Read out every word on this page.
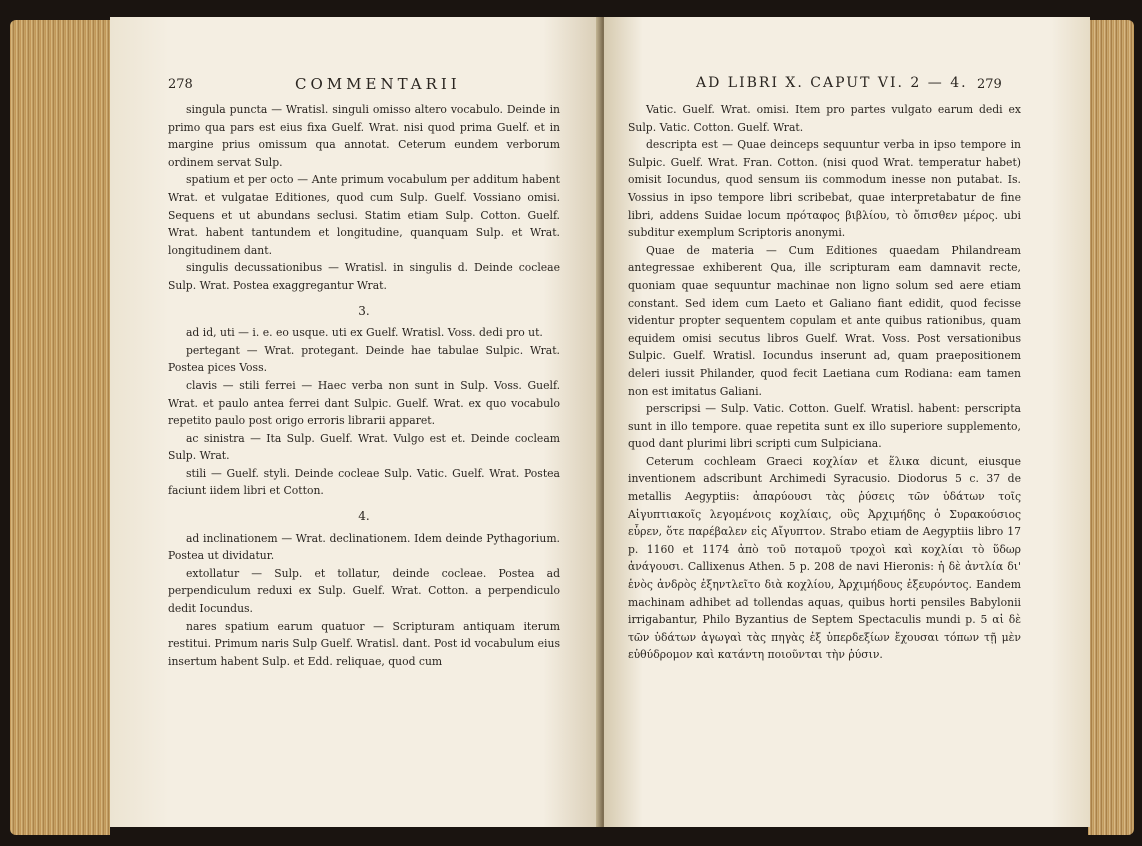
278	COMMENTARII

singula puncta — Wratisl. singuli omisso altero vocabulo. Deinde in primo qua pars est eius fixa Guelf. Wrat. nisi quod prima Guelf. et in margine prius omissum qua annotat. Ceterum eundem verborum ordinem servat Sulp.

spatium et per octo — Ante primum vocabulum per additum habent Wrat. et vulgatae Editiones, quod cum Sulp. Guelf. Vossiano omisi. Sequens et ut abundans seclusi. Statim etiam Sulp. Cotton. Guelf. Wrat. habent tantundem et longitudine, quanquam Sulp. et Wrat. longitudinem dant.

singulis decussationibus — Wratisl. in singulis d. Deinde cocleae Sulp. Wrat. Postea exaggregantur Wrat.

3.

ad id, uti — i. e. eo usque. uti ex Guelf. Wratisl. Voss. dedi pro ut.

pertegant — Wrat. protegant. Deinde hae tabulae Sulpic. Wrat. Postea pices Voss.

clavis — stili ferrei — Haec verba non sunt in Sulp. Voss. Guelf. Wrat. et paulo antea ferrei dant Sulpic. Guelf. Wrat. ex quo vocabulo repetito paulo post origo erroris librarii apparet.

ac sinistra — Ita Sulp. Guelf. Wrat. Vulgo est et. Deinde cocleam Sulp. Wrat.

stili — Guelf. styli. Deinde cocleae Sulp. Vatic. Guelf. Wrat. Postea faciunt iidem libri et Cotton.

4.

ad inclinationem — Wrat. declinationem. Idem deinde Pythagorium. Postea ut dividatur.

extollatur — Sulp. et tollatur, deinde cocleae. Postea ad perpendiculum reduxi ex Sulp. Guelf. Wrat. Cotton. a perpendiculo dedit Iocundus.

nares spatium earum quatuor — Scripturam antiquam iterum restitui. Primum naris Sulp Guelf. Wratisl. dant. Post id vocabulum eius insertum habent Sulp. et Edd. reliquae, quod cum

AD LIBRI X. CAPUT VI. 2 — 4. 279

Vatic. Guelf. Wrat. omisi. Item pro partes vulgato earum dedi ex Sulp. Vatic. Cotton. Guelf. Wrat.

descripta est — Quae deinceps sequuntur verba in ipso tempore in Sulpic. Guelf. Wrat. Fran. Cotton. (nisi quod Wrat. temperatur habet) omisit Iocundus, quod sensum iis commodum inesse non putabat. Is. Vossius in ipso tempore libri scribebat, quae interpretabatur de fine libri, addens Suidae locum πρόταφος βιβλίου, τὸ ὄπισθεν μέρος. ubi subditur exemplum Scriptoris anonymi.

Quae de materia — Cum Editiones quaedam Philandream antegressae exhiberent Qua, ille scripturam eam damnavit recte, quoniam quae sequuntur machinae non ligno solum sed aere etiam constant. Sed idem cum Laeto et Galiano fiant edidit, quod fecisse videntur propter sequentem copulam et ante quibus rationibus, quam equidem omisi secutus libros Guelf. Wrat. Voss. Post versationibus Sulpic. Guelf. Wratisl. Iocundus inserunt ad, quam praepositionem deleri iussit Philander, quod fecit Laetiana cum Rodiana: eam tamen non est imitatus Galiani.

perscripsi — Sulp. Vatic. Cotton. Guelf. Wratisl. habent: perscripta sunt in illo tempore. quae repetita sunt ex illo superiore supplemento, quod dant plurimi libri scripti cum Sulpiciana.

Ceterum cochleam Graeci κοχλίαν et ἕλικα dicunt, eiusque inventionem adscribunt Archimedi Syracusio. Diodorus 5 c. 37 de metallis Aegyptiis: ἀπαρύουσι τὰς ῥύσεις τῶν ὑδάτων τοῖς Αἰγυπτιακοῖς λεγομένοις κοχλίαις, οὓς Ἀρχιμήδης ὁ Συρακούσιος εὗρεν, ὅτε παρέβαλεν εἰς Αἴγυπτον. Strabo etiam de Aegyptiis libro 17 p. 1160 et 1174 ἀπὸ τοῦ ποταμοῦ τροχοὶ καὶ κοχλίαι τὸ ὕδωρ ἀνάγουσι. Callixenus Athen. 5 p. 208 de navi Hieronis: ἡ δὲ ἀντλία δι' ἑνὸς ἀνδρὸς ἐξηντλεῖτο διὰ κοχλίου, Ἀρχιμήδους ἐξευρόντος. Eandem machinam adhibet ad tollendas aquas, quibus horti pensiles Babylonii irrigabantur, Philo Byzantius de Septem Spectaculis mundi p. 5 αἱ δὲ τῶν ὑδάτων ἀγωγαὶ τὰς πηγὰς ἐξ ὑπερδεξίων ἔχουσαι τόπων τῇ μὲν εὐθύδρομον καὶ κατάντη ποιοῦνται τὴν ῥύσιν.
